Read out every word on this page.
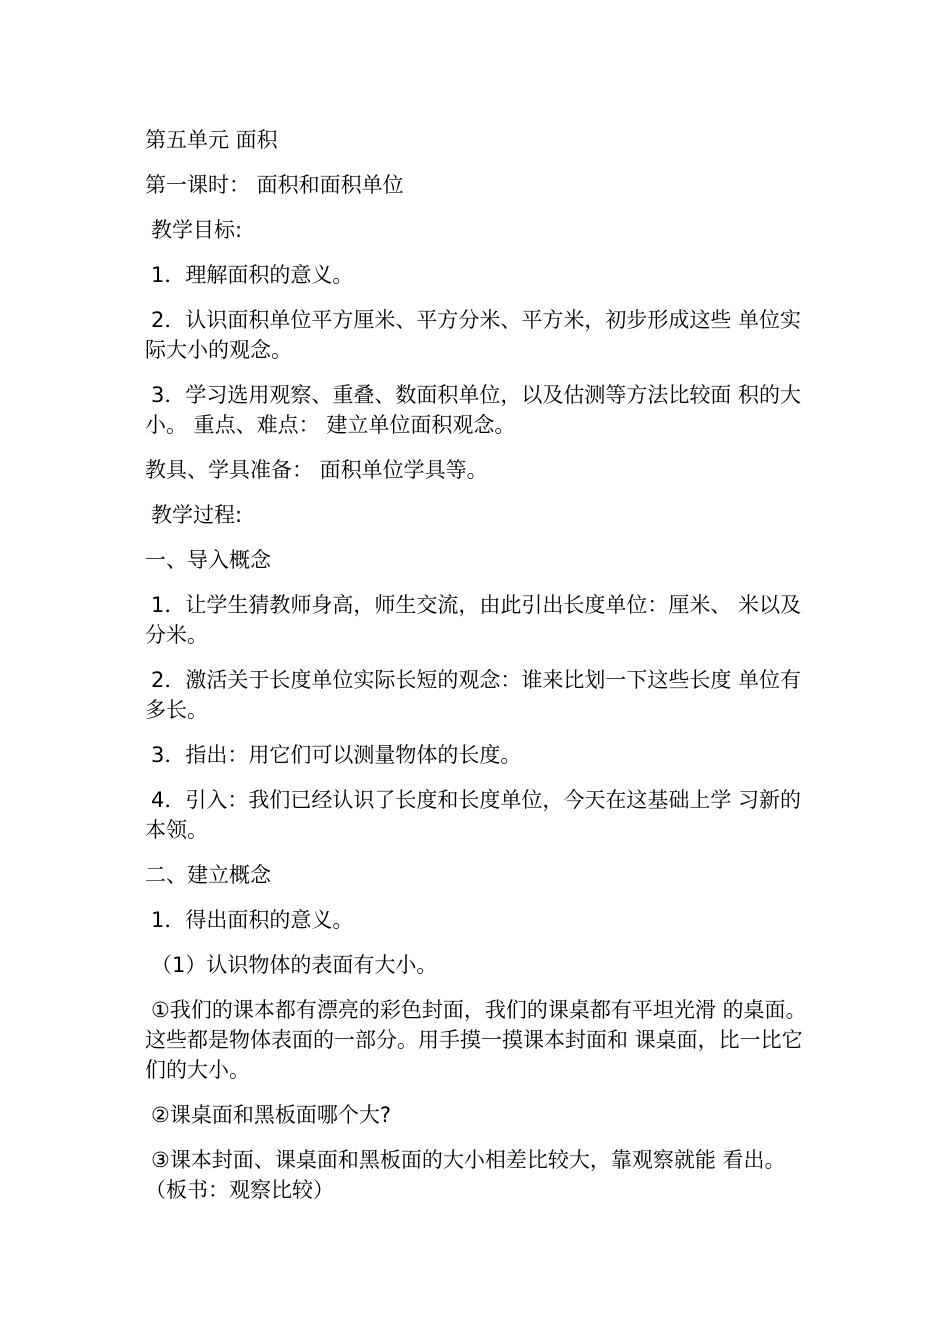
第五单元 面积

第一课时： 面积和面积单位

教学目标:

1．理解面积的意义。

2．认识面积单位平方厘米、平方分米、平方米，初步形成这些 单位实际大小的观念。

3．学习选用观察、重叠、数面积单位，以及估测等方法比较面 积的大小。 重点、难点： 建立单位面积观念。

教具、学具准备： 面积单位学具等。

教学过程:

一、导入概念

1．让学生猜教师身高，师生交流，由此引出长度单位：厘米、 米以及分米。

2．激活关于长度单位实际长短的观念：谁来比划一下这些长度 单位有多长。

3．指出：用它们可以测量物体的长度。

4．引入：我们已经认识了长度和长度单位，今天在这基础上学 习新的本领。

二、建立概念

1．得出面积的意义。

（1）认识物体的表面有大小。

①我们的课本都有漂亮的彩色封面，我们的课桌都有平坦光滑 的桌面。这些都是物体表面的一部分。用手摸一摸课本封面和 课桌面，比一比它们的大小。

②课桌面和黑板面哪个大?

③课本封面、课桌面和黑板面的大小相差比较大，靠观察就能 看出。 （板书：观察比较）
